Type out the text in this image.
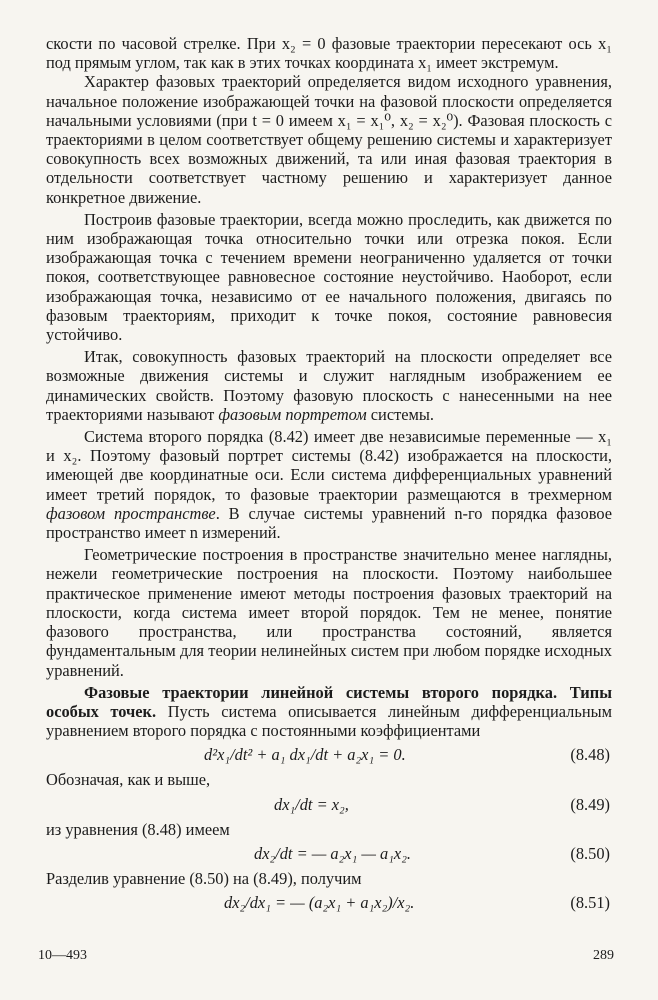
скости по часовой стрелке. При x₂ = 0 фазовые траектории пересекают ось x₁ под прямым углом, так как в этих точках координата x₁ имеет экстремум.

Характер фазовых траекторий определяется видом исходного уравнения, начальное положение изображающей точки на фазовой плоскости определяется начальными условиями (при t = 0 имеем x₁ = x₁⁰, x₂ = x₂⁰). Фазовая плоскость с траекториями в целом соответствует общему решению системы и характеризует совокупность всех возможных движений, та или иная фазовая траектория в отдельности соответствует частному решению и характеризует данное конкретное движение.

Построив фазовые траектории, всегда можно проследить, как движется по ним изображающая точка относительно точки или отрезка покоя. Если изображающая точка с течением времени неограниченно удаляется от точки покоя, соответствующее равновесное состояние неустойчиво. Наоборот, если изображающая точка, независимо от ее начального положения, двигаясь по фазовым траекториям, приходит к точке покоя, состояние равновесия устойчиво.

Итак, совокупность фазовых траекторий на плоскости определяет все возможные движения системы и служит наглядным изображением ее динамических свойств. Поэтому фазовую плоскость с нанесенными на нее траекториями называют фазовым портретом системы.

Система второго порядка (8.42) имеет две независимые переменные — x₁ и x₂. Поэтому фазовый портрет системы (8.42) изображается на плоскости, имеющей две координатные оси. Если система дифференциальных уравнений имеет третий порядок, то фазовые траектории размещаются в трехмерном фазовом пространстве. В случае системы уравнений n-го порядка фазовое пространство имеет n измерений.

Геометрические построения в пространстве значительно менее наглядны, нежели геометрические построения на плоскости. Поэтому наибольшее практическое применение имеют методы построения фазовых траекторий на плоскости, когда система имеет второй порядок. Тем не менее, понятие фазового пространства, или пространства состояний, является фундаментальным для теории нелинейных систем при любом порядке исходных уравнений.

Фазовые траектории линейной системы второго порядка. Типы особых точек. Пусть система описывается линейным дифференциальным уравнением второго порядка с постоянными коэффициентами

d²x₁/dt² + a₁ dx₁/dt + a₂x₁ = 0.	(8.48)

Обозначая, как и выше,

dx₁/dt = x₂,	(8.49)

из уравнения (8.48) имеем

dx₂/dt = — a₂x₁ — a₁x₂.	(8.50)

Разделив уравнение (8.50) на (8.49), получим

dx₂/dx₁ = — (a₂x₁ + a₁x₂)/x₂.	(8.51)
10—493	289
